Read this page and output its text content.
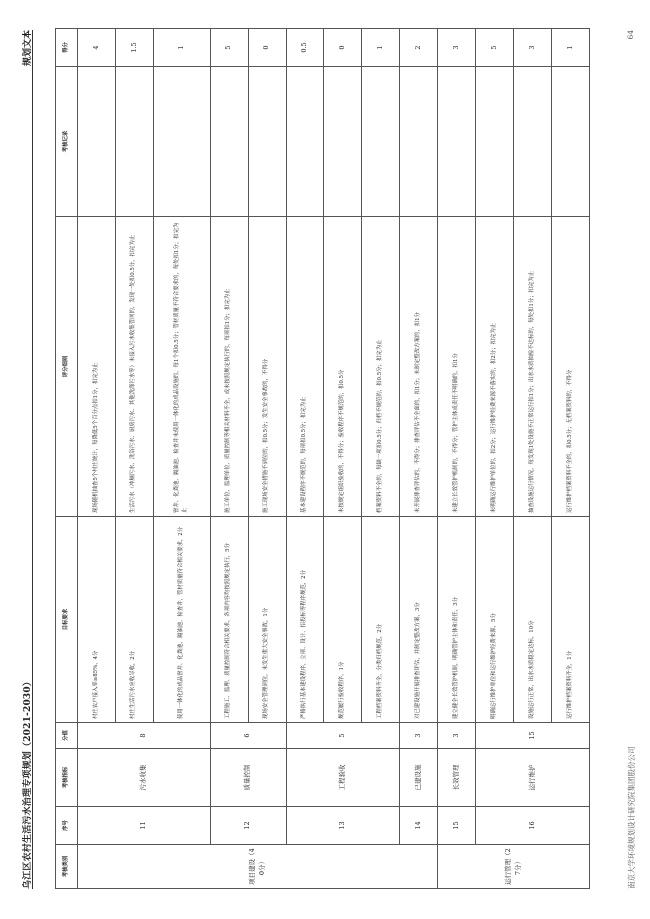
乌江区农村生活污水治理专项规划（2021-2030）
规划文本
考核类别	序号	考核指标	分值	目标要求	评分细则	考核记录	得分
项目建设（40分）	11	污水收集	8	村庄农户接入率≥85%，4分	现场随机抽查5个村庄统计，每降低5个百分点扣1分，扣完为止		4
				村庄生活污水应收尽收，2分	生活污水（冲厕污水、洗浴污水、厨房污水、其他洗涤污水等）未接入污水收集管网的，发现一处扣0.5分，扣完为止		1.5
				使用一体化的成品窨井、化粪池、隔油池、检查井，管材质量符合相关要求，2分	窨井、化粪池、隔油池、检查井未使用一体化的成品设施的，每1个扣0.5分；管材质量不符合要求的，每处扣1分；扣完为止		1
	12	质量控制	6	工程施工、监理、质量控制符合相关要求，各项内容均按照规定执行，5分	施工单位、监理单位、质量控制等相关材料不全，或未按照规定执行的，每项扣1分；扣完为止		5
				现场安全管理到位，未发生重大安全事故，1分	施工现场安全措施不到位的，扣0.5分；发生安全事故的，不得分		0
	13	工程验收	5	严格执行基本建设程序，立项、设计、招投标等程序规范，2分	基本建设程序不规范的，每项扣0.5分；扣完为止		0.5
				规范履行验收程序，1分	未按规定组织验收的，不得分；验收程序不规范的，扣0.5分		0
				工程档案资料齐全，分类归档规范，2分	档案资料不全的，每缺一项扣0.5分；归档不规范的，扣0.5分；扣完为止		1
	14	已建设施	3	对已建设施开展排查评估，并制定整改方案，3分	未开展排查评估的，不得分；排查评估不全面的，扣1分；未制定整改方案的，扣1分		2
运行管理（27分）	15	长效管理	3	建立健全长效管护机制，明确管护主体和责任，3分	未建立长效管护机制的，不得分；管护主体或责任不明确的，扣1分		3
	16	运行维护	15	明确运行维护单位和运行维护经费来源，5分	未明确运行维护单位的，扣2分；运行维护经费来源不落实的，扣2分；扣完为止		5
				设施运行正常，出水水质稳定达标，10分	抽查设施运行情况，每发现1处设施不正常运行扣1分；出水水质抽检不达标的，每处扣1分；扣完为止		3
				运行维护档案资料齐全，1分	运行维护档案资料不全的，扣0.5分；无档案资料的，不得分		1
南京大学环境规划设计研究院集团股份公司
64
